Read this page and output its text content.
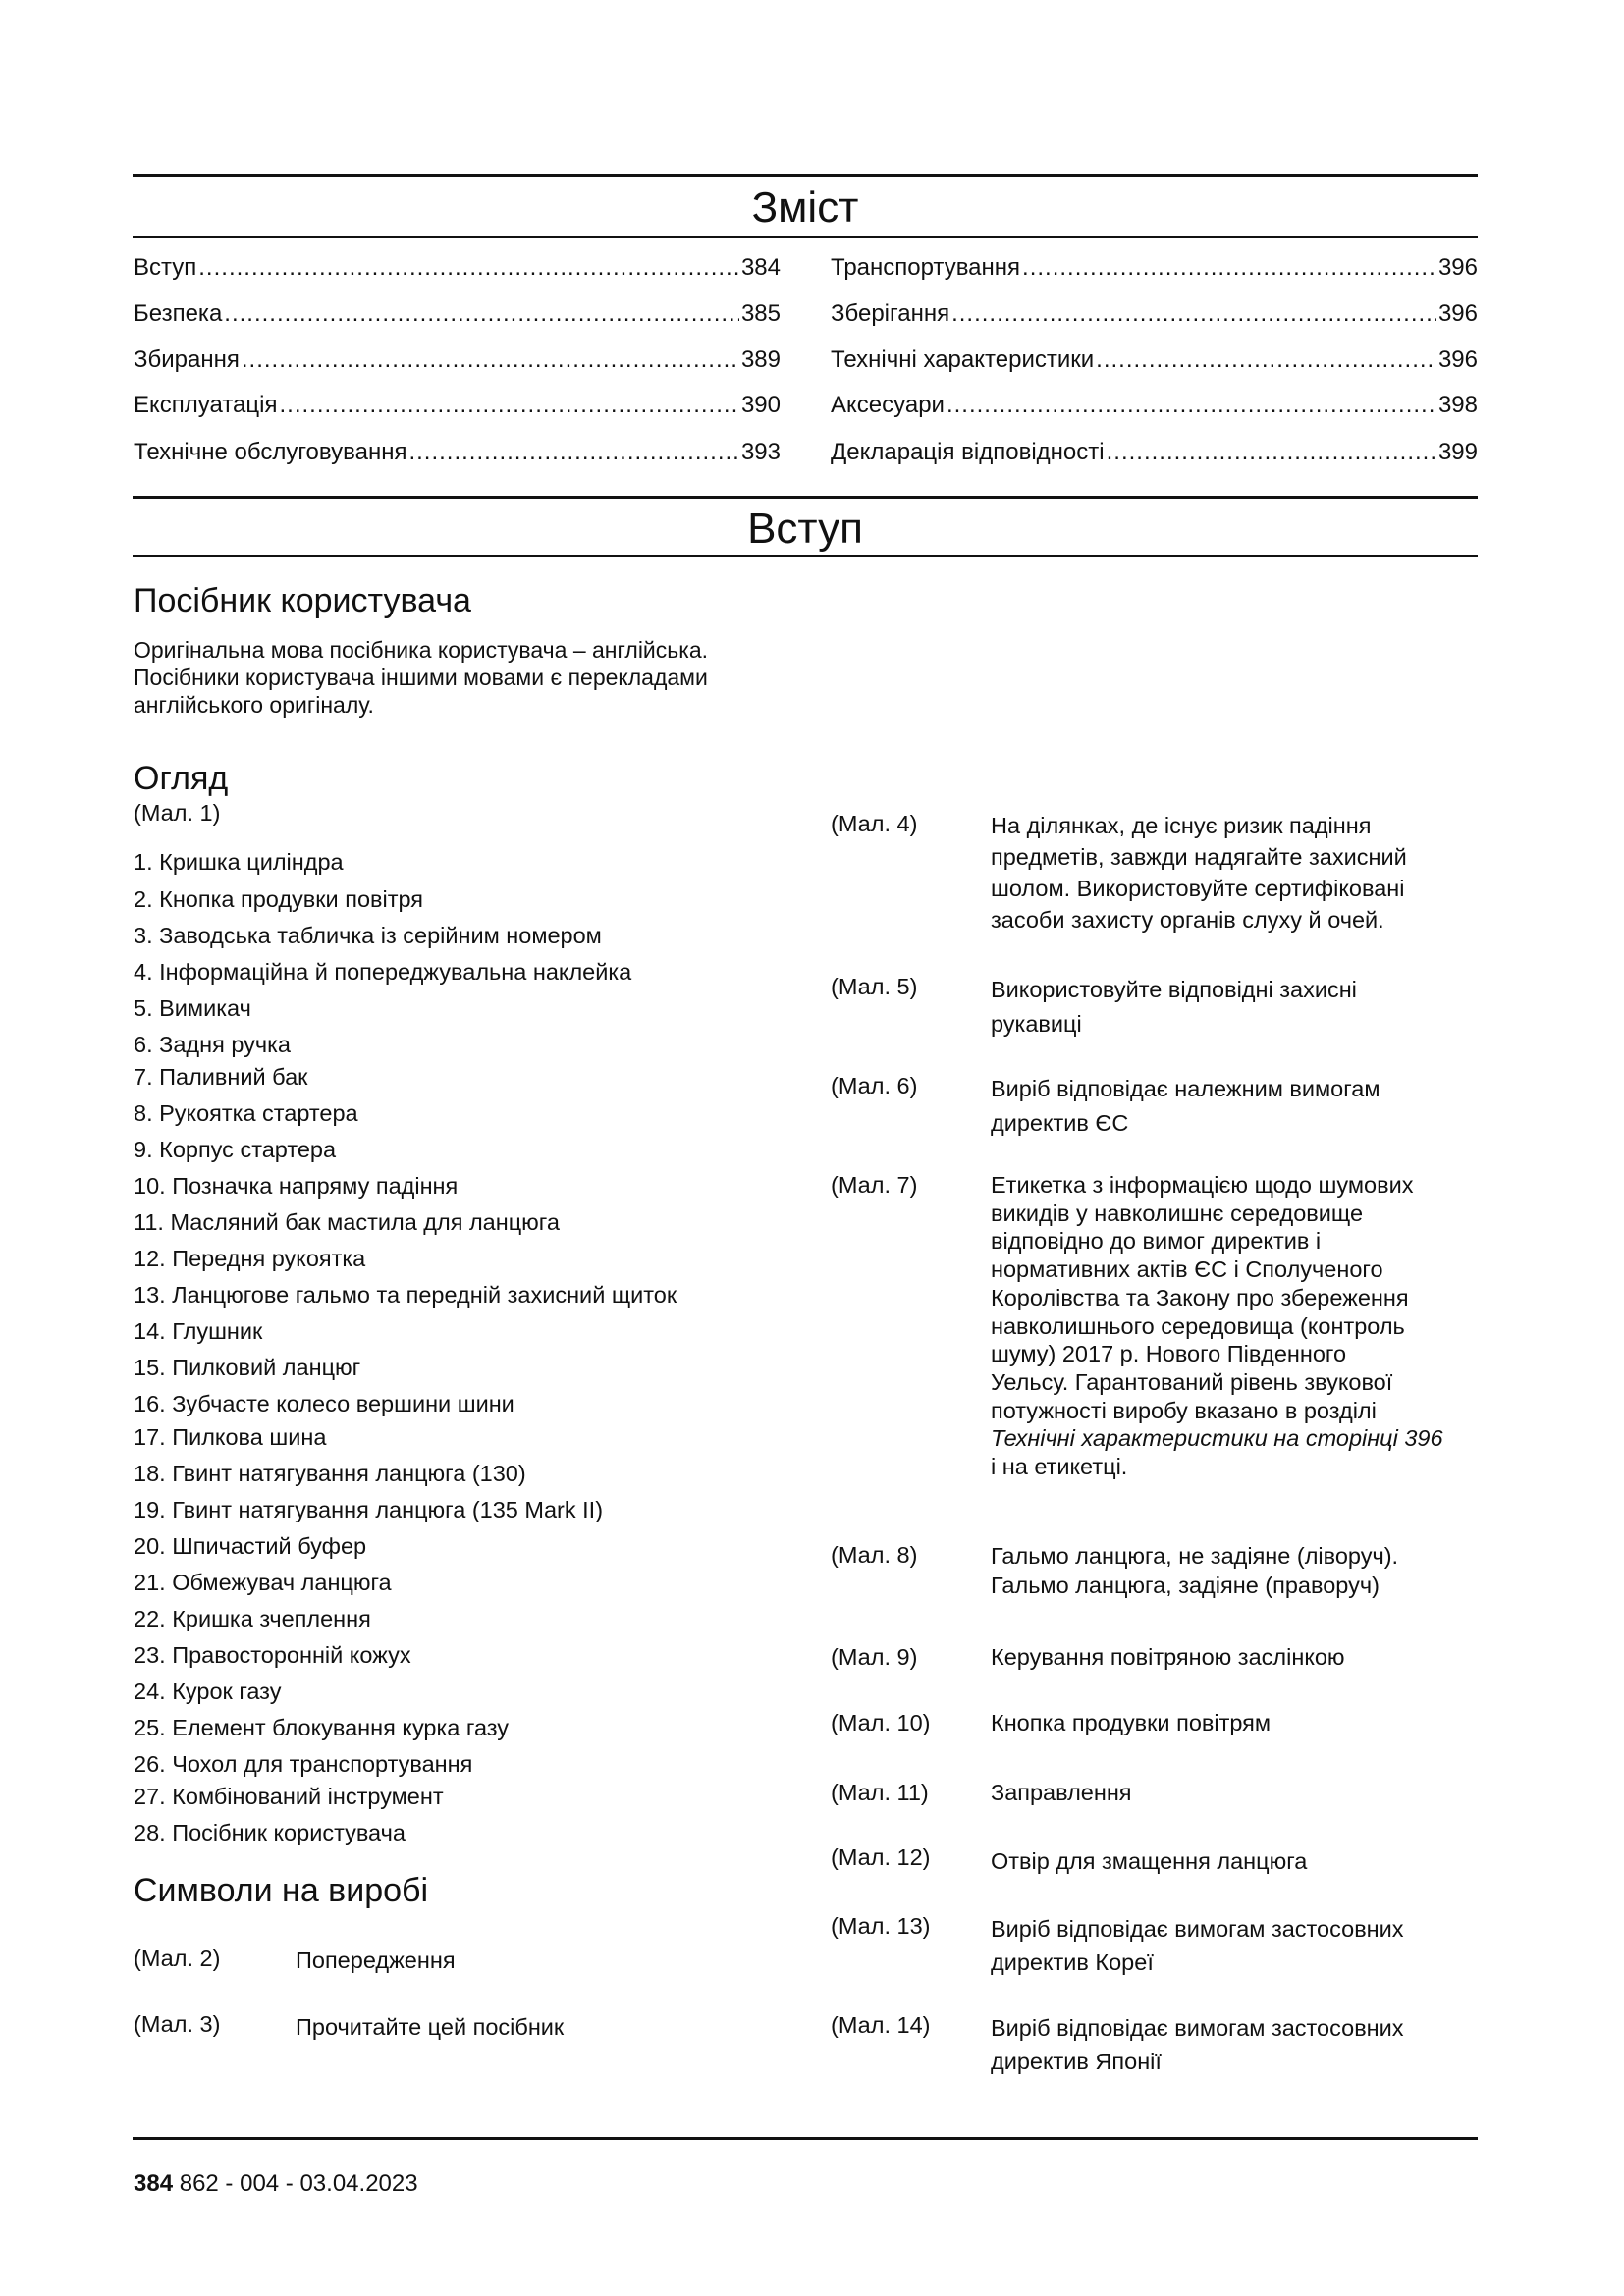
Зміст
Вступ .....	384
Безпека .....	385
Збирання .....	389
Експлуатація .....	390
Технічне обслуговування .....	393
Транспортування .....	396
Зберігання .....	396
Технічні характеристики .....	396
Аксесуари .....	398
Декларація відповідності .....	399
Вступ
Посібник користувача
Оригінальна мова посібника користувача – англійська. Посібники користувача іншими мовами є перекладами англійського оригіналу.
Огляд
(Мал. 1)
1. Кришка циліндра
2. Кнопка продувки повітря
3. Заводська табличка із серійним номером
4. Інформаційна й попереджувальна наклейка
5. Вимикач
6. Задня ручка
7. Паливний бак
8. Рукоятка стартера
9. Корпус стартера
10. Позначка напряму падіння
11. Масляний бак мастила для ланцюга
12. Передня рукоятка
13. Ланцюгове гальмо та передній захисний щиток
14. Глушник
15. Пилковий ланцюг
16. Зубчасте колесо вершини шини
17. Пилкова шина
18. Гвинт натягування ланцюга (130)
19. Гвинт натягування ланцюга (135 Mark II)
20. Шпичастий буфер
21. Обмежувач ланцюга
22. Кришка зчеплення
23. Правосторонній кожух
24. Курок газу
25. Елемент блокування курка газу
26. Чохол для транспортування
27. Комбінований інструмент
28. Посібник користувача
Символи на виробі
(Мал. 2)	Попередження
(Мал. 3)	Прочитайте цей посібник
(Мал. 4)	На ділянках, де існує ризик падіння
предметів, завжди надягайте захисний
шолом. Використовуйте сертифіковані
засоби захисту органів слуху й очей.
(Мал. 5)	Використовуйте відповідні захисні
рукавиці
(Мал. 6)	Виріб відповідає належним вимогам
директив ЄС
(Мал. 7)	Етикетка з інформацією щодо шумових
викидів у навколишнє середовище
відповідно до вимог директив і
нормативних актів ЄС і Сполученого
Королівства та Закону про збереження
навколишнього середовища (контроль
шуму) 2017 р. Нового Південного
Уельсу. Гарантований рівень звукової
потужності виробу вказано в розділі
Технічні характеристики на сторінці 396
і на етикетці.
(Мал. 8)	Гальмо ланцюга, не задіяне (ліворуч).
Гальмо ланцюга, задіяне (праворуч)
(Мал. 9)	Керування повітряною заслінкою
(Мал. 10)	Кнопка продувки повітрям
(Мал. 11)	Заправлення
(Мал. 12)	Отвір для змащення ланцюга
(Мал. 13)	Виріб відповідає вимогам застосовних
директив Кореї
(Мал. 14)	Виріб відповідає вимогам застосовних
директив Японії
384 862 - 004 - 03.04.2023
